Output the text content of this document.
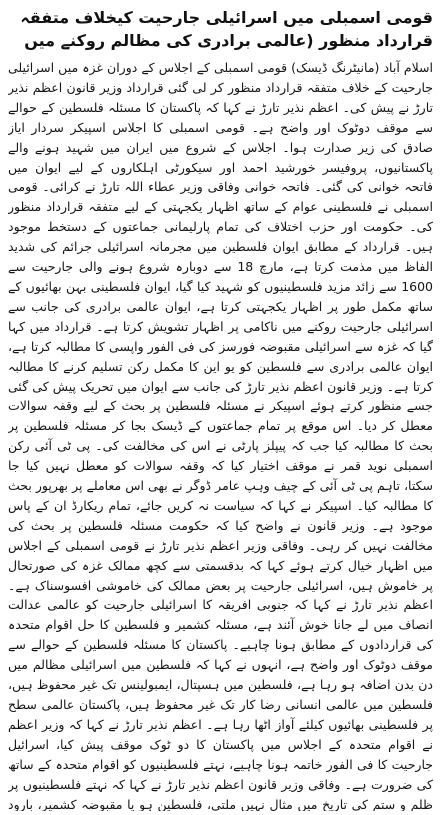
قومی اسمبلی میں اسرائیلی جارحیت کیخلاف متفقہ قرارداد منظور (عالمی برادری کی مظالم روکنے میں

اسلام آباد (مانیٹرنگ ڈیسک) قومی اسمبلی کے اجلاس کے دوران غزہ میں اسرائیلی جارحیت کے خلاف متفقہ قرارداد منظور کر لی گئی قرارداد وزیر قانون اعظم نذیر تارڑ نے پیش کی۔ اعظم نذیر تارڑ نے کہا کہ پاکستان کا مسئلہ فلسطین کے حوالے سے موقف دوٹوک اور واضح ہے۔ قومی اسمبلی کا اجلاس اسپیکر سردار ایاز صادق کی زیر صدارت ہوا۔ اجلاس کے شروع میں ایران میں شہید ہونے والے پاکستانیوں، پروفیسر خورشید احمد اور سیکورٹی اہلکاروں کے لیے ایوان میں فاتحہ خوانی کی گئی۔ فاتحہ خوانی وفاقی وزیر عطاء اللہ تارڑ نے کرائی۔ قومی اسمبلی نے فلسطینی عوام کے ساتھ اظہار یکجہتی کے لیے متفقہ قرارداد منظور کی۔ حکومت اور حزب اختلاف کی تمام پارلیمانی جماعتوں کے دستخط موجود ہیں۔ قرارداد کے مطابق ایوان فلسطین میں مجرمانہ اسرائیلی جرائم کی شدید الفاظ میں مذمت کرتا ہے، مارچ 18 سے دوبارہ شروع ہونے والی جارحیت سے 1600 سے زائد مزید فلسطینیوں کو شہید کیا گیا، ایوان فلسطینی بہن بھائیوں کے ساتھ مکمل طور پر اظہار یکجہتی کرتا ہے، ایوان عالمی برادری کی جانب سے اسرائیلی جارحیت روکنے میں ناکامی پر اظہار تشویش کرتا ہے۔ قرارداد میں کہا گیا کہ غزہ سے اسرائیلی مقبوضہ فورسز کی فی الفور واپسی کا مطالبہ کرتا ہے، ایوان عالمی برادری سے فلسطین کو یو این کا مکمل رکن تسلیم کرنے کا مطالبہ کرتا ہے۔ وزیر قانون اعظم نذیر تارڑ کی جانب سے ایوان میں تحریک پیش کی گئی جسے منظور کرتے ہوئے اسپیکر نے مسئلہ فلسطین پر بحث کے لیے وقفہ سوالات معطل کر دیا۔ اس موقع پر تمام جماعتوں کے ڈیسک بجا کر مسئلہ فلسطین پر بحث کا مطالبہ کیا جب کہ پیپلز پارٹی نے اس کی مخالفت کی۔ پی ٹی آئی رکن اسمبلی نوید قمر نے موقف اختیار کیا کہ وقفہ سوالات کو معطل نہیں کیا جا سکتا، تاہم پی ٹی آئی کے چیف وہپ عامر ڈوگر نے بھی اس معاملے پر بھرپور بحث کا مطالبہ کیا۔ اسپیکر نے کہا کہ سیاست نہ کریں جائے، تمام ریکارڈ ان کے پاس موجود ہے۔ وزیر قانون نے واضح کیا کہ حکومت مسئلہ فلسطین پر بحث کی مخالفت نہیں کر رہی۔ وفاقی وزیر اعظم نذیر تارڑ نے قومی اسمبلی کے اجلاس میں اظہار خیال کرتے ہوئے کہا کہ بدقسمتی سے کچھ ممالک غزہ کی صورتحال پر خاموش ہیں، اسرائیلی جارحیت پر بعض ممالک کی خاموشی افسوسناک ہے۔ اعظم نذیر تارڑ نے کہا کہ جنوبی افریقہ کا اسرائیلی جارحیت کو عالمی عدالت انصاف میں لے جانا خوش آئند ہے، مسئلہ کشمیر و فلسطین کا حل اقوام متحدہ کی قراردادوں کے مطابق ہونا چاہیے۔ پاکستان کا مسئلہ فلسطین کے حوالے سے موقف دوٹوک اور واضح ہے، انہوں نے کہا کہ فلسطین میں اسرائیلی مظالم میں دن بدن اضافہ ہو رہا ہے، فلسطین میں ہسپتال، ایمبولینس تک غیر محفوظ ہیں، فلسطین میں عالمی انسانی رضا کار تک غیر محفوظ ہیں، پاکستان عالمی سطح پر فلسطینی بھائیوں کیلئے آواز اٹھا رہا ہے۔ اعظم نذیر تارڑ نے کہا کہ وزیر اعظم نے اقوام متحدہ کے اجلاس میں پاکستان کا دو ٹوک موقف پیش کیا، اسرائیل جارحیت کا فی الفور خاتمہ ہونا چاہیے، نہتے فلسطینیوں کو اقوام متحدہ کے ساتھ کی ضرورت ہے۔ وفاقی وزیر قانون اعظم نذیر تارڑ نے کہا کہ نہتے فلسطینیوں پر ظلم و ستم کی تاریخ میں مثال نہیں ملتی، فلسطین ہو یا مقبوضہ کشمیر، بارود
